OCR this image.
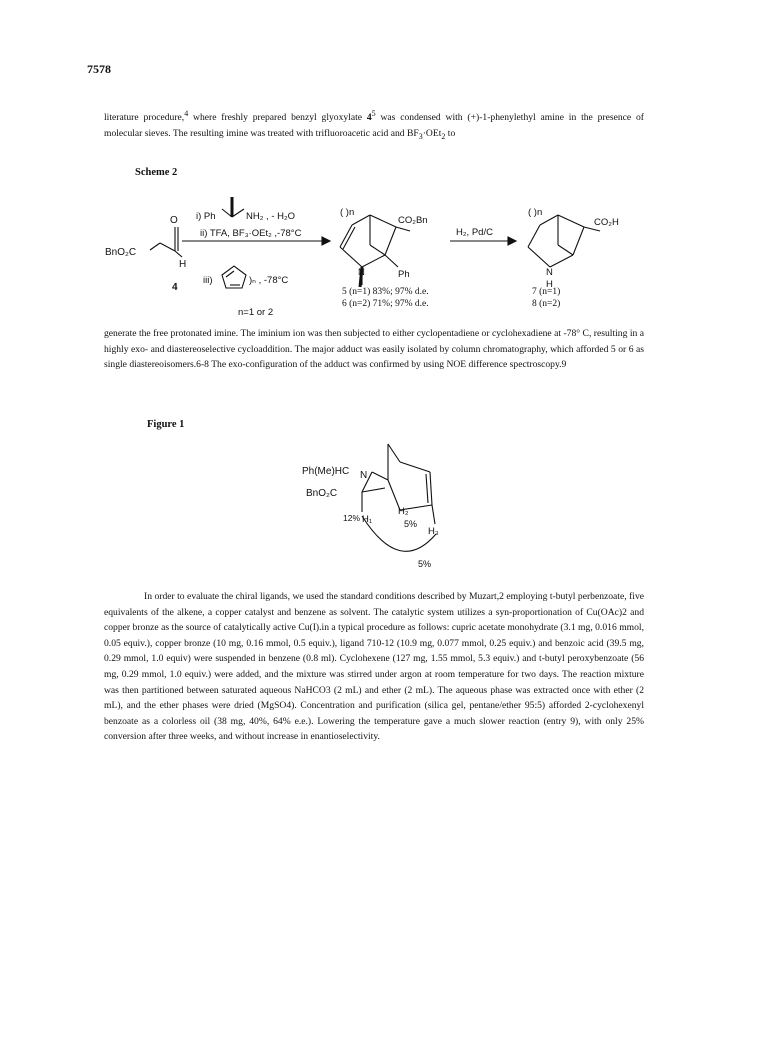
7578

literature procedure,$^4$ where freshly prepared benzyl glyoxylate $4^5$ was condensed with (+)-1-phenylethyl amine in the presence of molecular sieves. The resulting imine was treated with trifluoroacetic acid and $BF_3\cdot OEt_2$ to

Scheme 2
O
BnO₂C
H
4
i) Ph	NH₂ , - H₂O
ii) TFA, BF₃·OEt₂ ,-78°C
iii)	)ₙ , -78°C
n=1 or 2
( )n
CO₂Bn
N	Ph
H₂, Pd/C
( )n
CO₂H
N
H
5 (n=1) 83%; 97% d.e.
6 (n=2) 71%; 97% d.e.
7 (n=1)
8 (n=2)
generate the free protonated imine. The iminium ion was then subjected to either cyclopentadiene or cyclohexadiene at -78° C, resulting in a highly exo- and diastereoselective cycloaddition. The major adduct was easily isolated by column chromatography, which afforded 5 or 6 as single diastereoisomers.6-8 The exo-configuration of the adduct was confirmed by using NOE difference spectroscopy.9
Figure 1
Ph(Me)HC N
BnO₂C
12% H₁
H₂
5%
H₃
5%

In order to evaluate the chiral ligands, we used the standard conditions described by Muzart,2 employing t-butyl perbenzoate, five equivalents of the alkene, a copper catalyst and benzene as solvent. The catalytic system utilizes a syn-proportionation of Cu(OAc)2 and copper bronze as the source of catalytically active Cu(I).in a typical procedure as follows: cupric acetate monohydrate (3.1 mg, 0.016 mmol, 0.05 equiv.), copper bronze (10 mg, 0.16 mmol, 0.5 equiv.), ligand 710-12 (10.9 mg, 0.077 mmol, 0.25 equiv.) and benzoic acid (39.5 mg, 0.29 mmol, 1.0 equiv) were suspended in benzene (0.8 ml). Cyclohexene (127 mg, 1.55 mmol, 5.3 equiv.) and t-butyl peroxybenzoate (56 mg, 0.29 mmol, 1.0 equiv.) were added, and the mixture was stirred under argon at room temperature for two days. The reaction mixture was then partitioned between saturated aqueous NaHCO3 (2 mL) and ether (2 mL). The aqueous phase was extracted once with ether (2 mL), and the ether phases were dried (MgSO4). Concentration and purification (silica gel, pentane/ether 95:5) afforded 2-cyclohexenyl benzoate as a colorless oil (38 mg, 40%, 64% e.e.). Lowering the temperature gave a much slower reaction (entry 9), with only 25% conversion after three weeks, and without increase in enantioselectivity.
